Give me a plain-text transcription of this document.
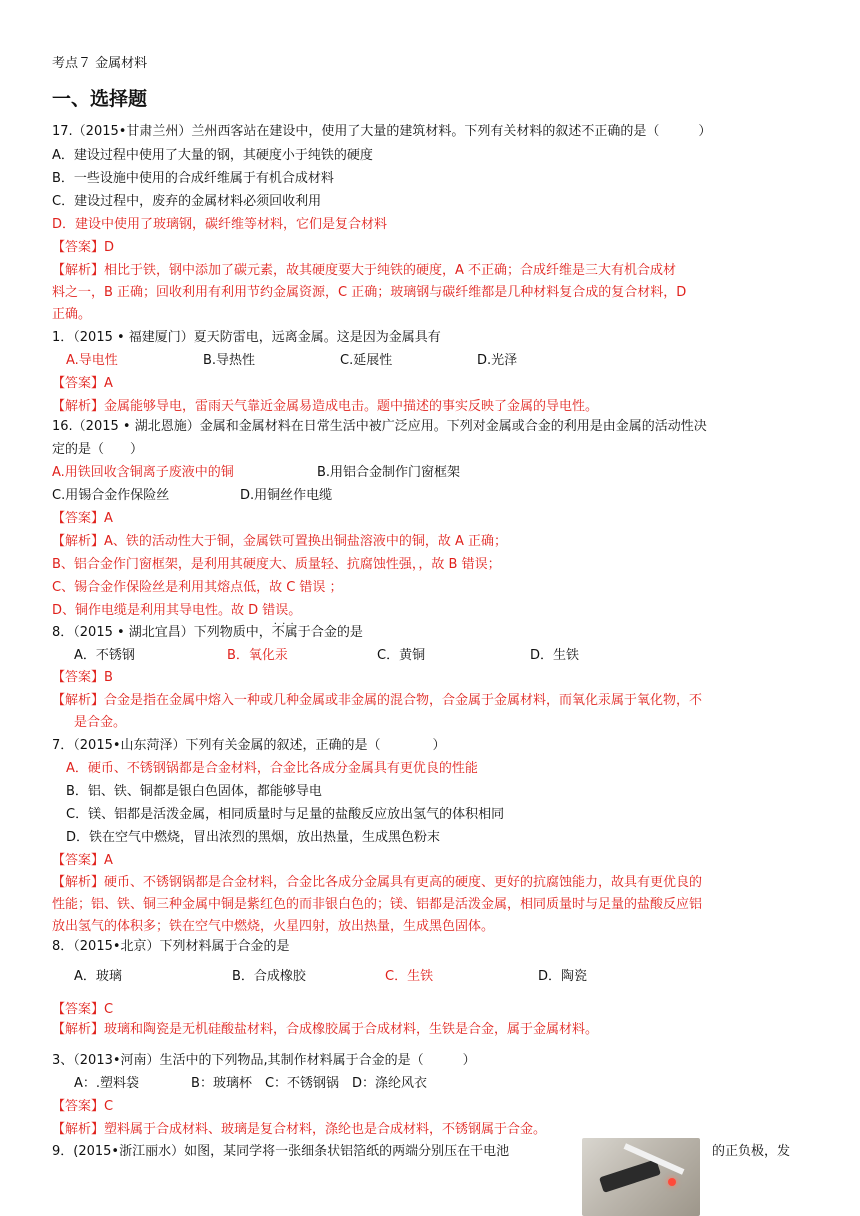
考点７ 金属材料
一、选择题
17.（2015•甘肃兰州）兰州西客站在建设中，使用了大量的建筑材料。下列有关材料的叙述不正确的是（　　　）
A．建设过程中使用了大量的钢，其硬度小于纯铁的硬度
B．一些设施中使用的合成纤维属于有机合成材料
C．建设过程中，废弃的金属材料必须回收利用
D．建设中使用了玻璃钢，碳纤维等材料，它们是复合材料
【答案】D
【解析】相比于铁，钢中添加了碳元素，故其硬度要大于纯铁的硬度，A 不正确；合成纤维是三大有机合成材
料之一，B 正确；回收利用有利用节约金属资源，C 正确；玻璃钢与碳纤维都是几种材料复合成的复合材料，D
正确。
1．（2015 • 福建厦门）夏天防雷电，远离金属。这是因为金属具有
A.导电性	B.导热性	C.延展性	D.光泽
【答案】A
【解析】金属能够导电，雷雨天气靠近金属易造成电击。题中描述的事实反映了金属的导电性。
16.（2015 • 湖北恩施）金属和金属材料在日常生活中被广泛应用。下列对金属或合金的利用是由金属的活动性决
定的是（　　）
A.用铁回收含铜离子废液中的铜	B.用铝合金制作门窗框架
C.用锡合金作保险丝	D.用铜丝作电缆
【答案】A
【解析】A、铁的活动性大于铜，金属铁可置换出铜盐溶液中的铜，故 A 正确；
B、铝合金作门窗框架，是利用其硬度大、质量轻、抗腐蚀性强，，故 B 错误；
C、锡合金作保险丝是利用其熔点低，故 C 错误 ；
D、铜作电缆是利用其导电性。故 D 错误。
8．（2015 • 湖北宜昌）下列物质中，不属于 · · ·合金的是
A．不锈钢	B．氧化汞	C．黄铜	D．生铁
【答案】B
【解析】合金是指在金属中熔入一种或几种金属或非金属的混合物，合金属于金属材料，而氧化汞属于氧化物，不
是合金。
7．（2015•山东菏泽）下列有关金属的叙述，正确的是（　　　　）
A．硬币、不锈钢锅都是合金材料，合金比各成分金属具有更优良的性能
B．铝、铁、铜都是银白色固体，都能够导电
C．镁、铝都是活泼金属，相同质量时与足量的盐酸反应放出氢气的体积相同
D．铁在空气中燃烧，冒出浓烈的黑烟，放出热量，生成黑色粉末
【答案】A
【解析】硬币、不锈钢锅都是合金材料，合金比各成分金属具有更高的硬度、更好的抗腐蚀能力，故具有更优良的
性能；铝、铁、铜三种金属中铜是紫红色的而非银白色的；镁、铝都是活泼金属，相同质量时与足量的盐酸反应铝
放出氢气的体积多；铁在空气中燃烧，火星四射，放出热量，生成黑色固体。
8．（2015•北京）下列材料属于合金的是
A．玻璃	B．合成橡胶	C．生铁	D．陶瓷
【答案】C
【解析】玻璃和陶瓷是无机硅酸盐材料，合成橡胶属于合成材料，生铁是合金，属于金属材料。
3、（2013•河南）生活中的下列物品,其制作材料属于合金的是（　　　）
A：.塑料袋　　　　B：玻璃杯　C：不锈钢锅　D：涤纶风衣
【答案】C
【解析】塑料属于合成材料、玻璃是复合材料，涤纶也是合成材料，不锈钢属于合金。
9．(2015•浙江丽水）如图，某同学将一张细条状铝箔纸的两端分别压在干电池	的正负极，发
